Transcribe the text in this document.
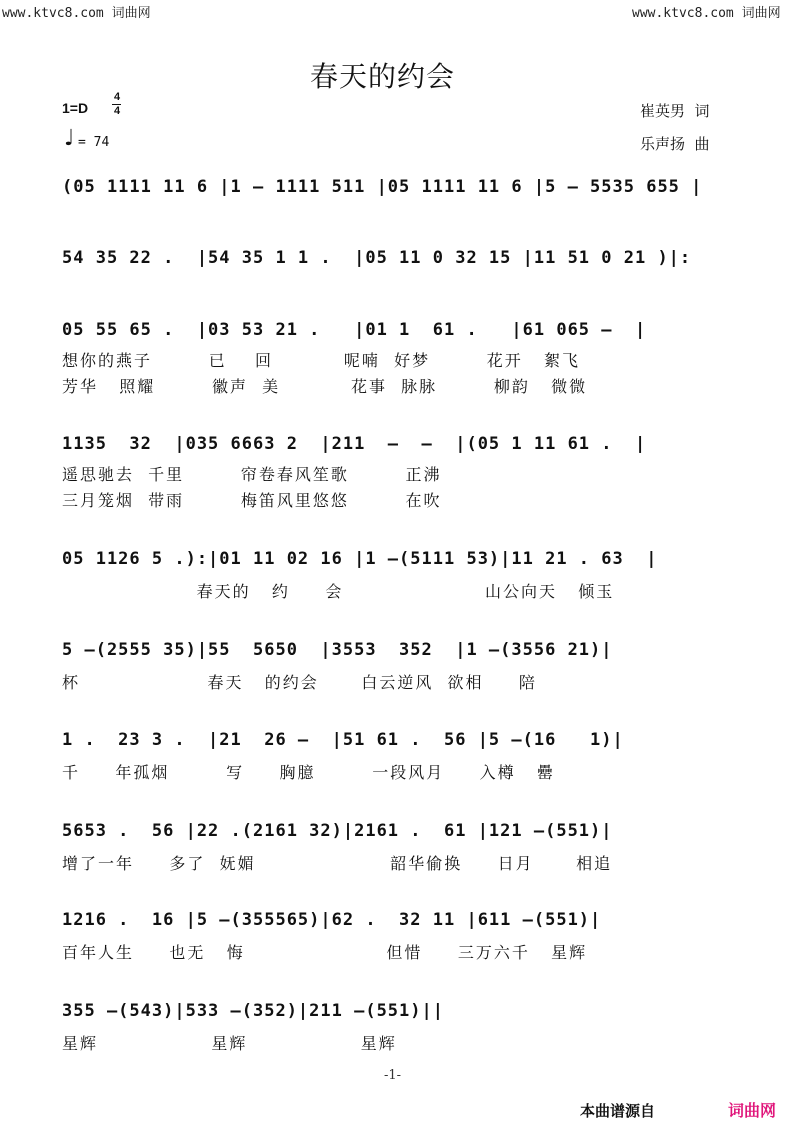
www.ktvc8.com 词曲网	www.ktvc8.com 词曲网
春天的约会
1=D
4
4
♩ = 74
崔英男  词
乐声扬  曲
(05 1111 11 6 |1 – 1111 511 |05 1111 11 6 |5 – 5535 655 |
54 35 22 .  |54 35 1 1 .  |05 11 0 32 15 |11 51 0 21 )|:
05 55 65 .  |03 53 21 .   |01 1  61 .   |61 065 –  |
想你的燕子        已    回          呢喃  好梦        花开   絮飞
芳华   照耀        徽声  美          花事  脉脉        柳韵   微微
1135  32  |035 6663 2  |211  –  –  |(05 1 11 61 .  |
遥思驰去  千里        帘卷春风笙歌        正沸
三月笼烟  带雨        梅笛风里悠悠        在吹
05 1126 5 .):|01 11 02 16 |1 –(5111 53)|11 21 . 63  |
春天的   约     会                    山公向天   倾玉
5 –(2555 35)|55  5650  |3553  352  |1 –(3556 21)|
杯                  春天   的约会      白云逆风  欲相     陪
1 .  23 3 .  |21  26 –  |51 61 .  56 |5 –(16   1)|
千     年孤烟        写     胸臆        一段风月     入樽   罍
5653 .  56 |22 .(2161 32)|2161 .  61 |121 –(551)|
增了一年     多了  妩媚                   韶华偷换     日月      相追
1216 .  16 |5 –(355565)|62 .  32 11 |611 –(551)|
百年人生     也无   悔                    但惜     三万六千   星辉
355 –(543)|533 –(352)|211 –(551)||
星辉                星辉                星辉
-1-
本曲谱源自	词曲网
